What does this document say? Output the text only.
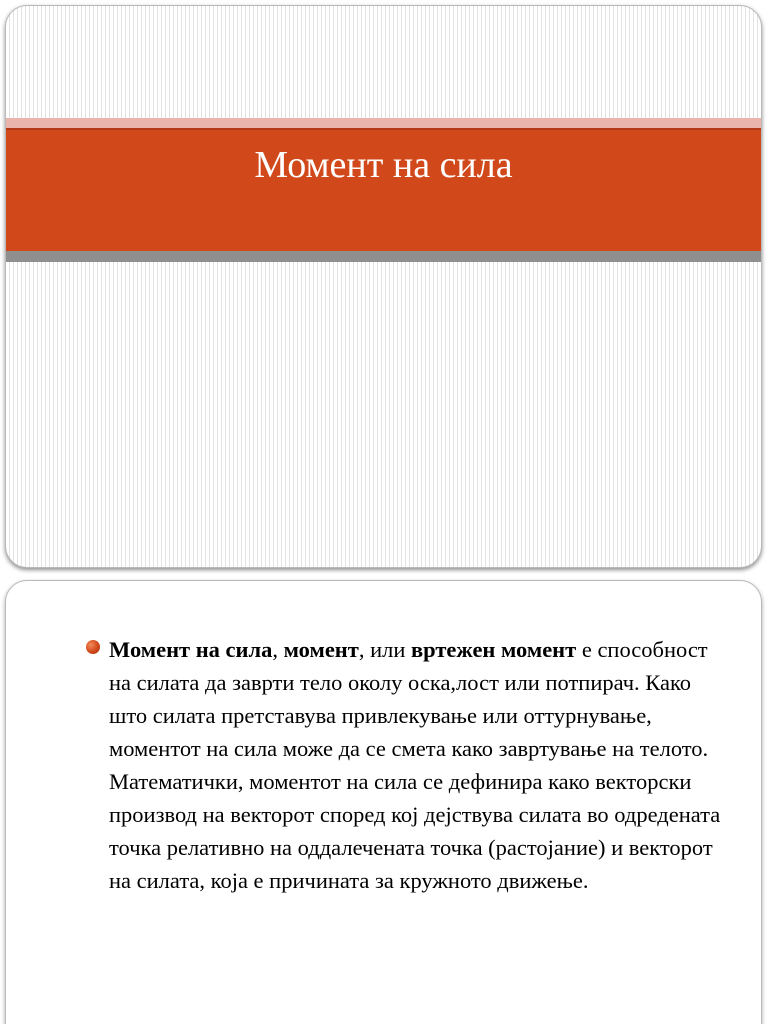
Момент на сила

Момент на сила, момент, или вртежен момент е способност на силата да заврти тело околу оска,лост или потпирач. Како што силата претставува привлекување или оттурнување, моментот на сила може да се смета како завртување на телото. Математички, моментот на сила се дефинира како векторски производ на векторот според кој дејствува силата во одредената точка релативно на оддалечената точка (растојание) и векторот на силата, која е причината за кружното движење.
